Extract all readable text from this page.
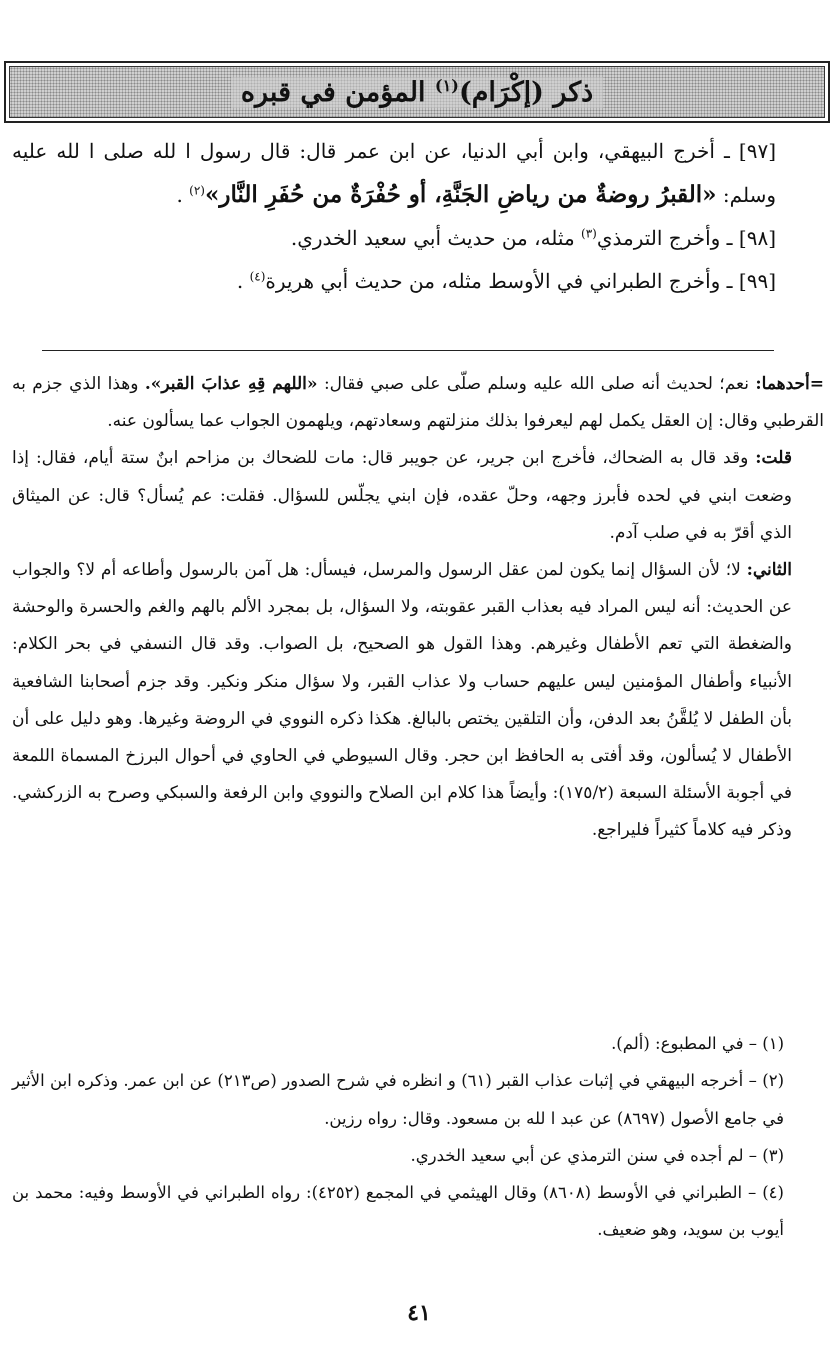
ذكر (إكْرَام)$^{(١)}$ المؤمن في قبره

[٩٧] ـ أخرج البيهقي، وابن أبي الدنيا، عن ابن عمر قال: قال رسول ا لله صلى ا لله عليه وسلم: «القبرُ روضةٌ من رياضِ الجَنَّةِ، أو حُفْرَةٌ من حُفَرِ النَّار»$^{(٢)}$ .

[٩٨] ـ وأخرج الترمذي$^{(٣)}$ مثله، من حديث أبي سعيد الخدري.

[٩٩] ـ وأخرج الطبراني في الأوسط مثله، من حديث أبي هريرة$^{(٤)}$ .

=أحدهما: نعم؛ لحديث أنه صلى الله عليه وسلم صلّى على صبي فقال: «اللهم قِهِ عذابَ القبر». وهذا الذي جزم به القرطبي وقال: إن العقل يكمل لهم ليعرفوا بذلك منزلتهم وسعادتهم، ويلهمون الجواب عما يسألون عنه.

قلت: وقد قال به الضحاك، فأخرج ابن جرير، عن جويبر قال: مات للضحاك بن مزاحم ابنٌ ستة أيام، فقال: إذا وضعت ابني في لحده فأبرز وجهه، وحلّ عقده، فإن ابني يجلّس للسؤال. فقلت: عم يُسأل؟ قال: عن الميثاق الذي أقرّ به في صلب آدم.

الثاني: لا؛ لأن السؤال إنما يكون لمن عقل الرسول والمرسل، فيسأل: هل آمن بالرسول وأطاعه أم لا؟ والجواب عن الحديث: أنه ليس المراد فيه بعذاب القبر عقوبته، ولا السؤال، بل بمجرد الألم بالهم والغم والحسرة والوحشة والضغطة التي تعم الأطفال وغيرهم. وهذا القول هو الصحيح، بل الصواب. وقد قال النسفي في بحر الكلام: الأنبياء وأطفال المؤمنين ليس عليهم حساب ولا عذاب القبر، ولا سؤال منكر ونكير. وقد جزم أصحابنا الشافعية بأن الطفل لا يُلقَّنُ بعد الدفن، وأن التلقين يختص بالبالغ. هكذا ذكره النووي في الروضة وغيرها. وهو دليل على أن الأطفال لا يُسألون، وقد أفتى به الحافظ ابن حجر. وقال السيوطي في الحاوي في أحوال البرزخ المسماة اللمعة في أجوبة الأسئلة السبعة (١٧٥/٢): وأيضاً هذا كلام ابن الصلاح والنووي وابن الرفعة والسبكي وصرح به الزركشي. وذكر فيه كلاماً كثيراً فليراجع.

(١) – في المطبوع: (ألم).

(٢) – أخرجه البيهقي في إثبات عذاب القبر (٦١) و انظره في شرح الصدور (ص٢١٣) عن ابن عمر. وذكره ابن الأثير في جامع الأصول (٨٦٩٧) عن عبد ا لله بن مسعود. وقال: رواه رزين.

(٣) – لم أجده في سنن الترمذي عن أبي سعيد الخدري.

(٤) – الطبراني في الأوسط (٨٦٠٨) وقال الهيثمي في المجمع (٤٢٥٢): رواه الطبراني في الأوسط وفيه: محمد بن أيوب بن سويد، وهو ضعيف.

٤١
